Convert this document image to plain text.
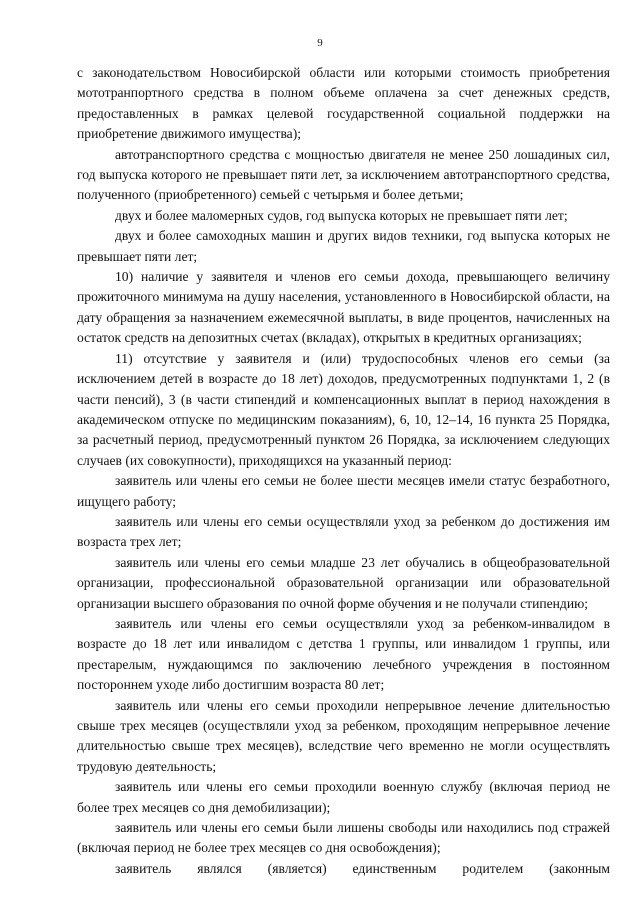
9

с законодательством Новосибирской области или которыми стоимость приобретения мототранпортного средства в полном объеме оплачена за счет денежных средств, предоставленных в рамках целевой государственной социальной поддержки на приобретение движимого имущества);

автотранспортного средства с мощностью двигателя не менее 250 лошадиных сил, год выпуска которого не превышает пяти лет, за исключением автотранспортного средства, полученного (приобретенного) семьей с четырьмя и более детьми;

двух и более маломерных судов, год выпуска которых не превышает пяти лет;

двух и более самоходных машин и других видов техники, год выпуска которых не превышает пяти лет;

10) наличие у заявителя и членов его семьи дохода, превышающего величину прожиточного минимума на душу населения, установленного в Новосибирской области, на дату обращения за назначением ежемесячной выплаты, в виде процентов, начисленных на остаток средств на депозитных счетах (вкладах), открытых в кредитных организациях;

11) отсутствие у заявителя и (или) трудоспособных членов его семьи (за исключением детей в возрасте до 18 лет) доходов, предусмотренных подпунктами 1, 2 (в части пенсий), 3 (в части стипендий и компенсационных выплат в период нахождения в академическом отпуске по медицинским показаниям), 6, 10, 12–14, 16 пункта 25 Порядка, за расчетный период, предусмотренный пунктом 26 Порядка, за исключением следующих случаев (их совокупности), приходящихся на указанный период:

заявитель или члены его семьи не более шести месяцев имели статус безработного, ищущего работу;

заявитель или члены его семьи осуществляли уход за ребенком до достижения им возраста трех лет;

заявитель или члены его семьи младше 23 лет обучались в общеобразовательной организации, профессиональной образовательной организации или образовательной организации высшего образования по очной форме обучения и не получали стипендию;

заявитель или члены его семьи осуществляли уход за ребенком-инвалидом в возрасте до 18 лет или инвалидом с детства 1 группы, или инвалидом 1 группы, или престарелым, нуждающимся по заключению лечебного учреждения в постоянном постороннем уходе либо достигшим возраста 80 лет;

заявитель или члены его семьи проходили непрерывное лечение длительностью свыше трех месяцев (осуществляли уход за ребенком, проходящим непрерывное лечение длительностью свыше трех месяцев), вследствие чего временно не могли осуществлять трудовую деятельность;

заявитель или члены его семьи проходили военную службу (включая период не более трех месяцев со дня демобилизации);

заявитель или члены его семьи были лишены свободы или находились под стражей (включая период не более трех месяцев со дня освобождения);

заявитель являлся (является) единственным родителем (законным
